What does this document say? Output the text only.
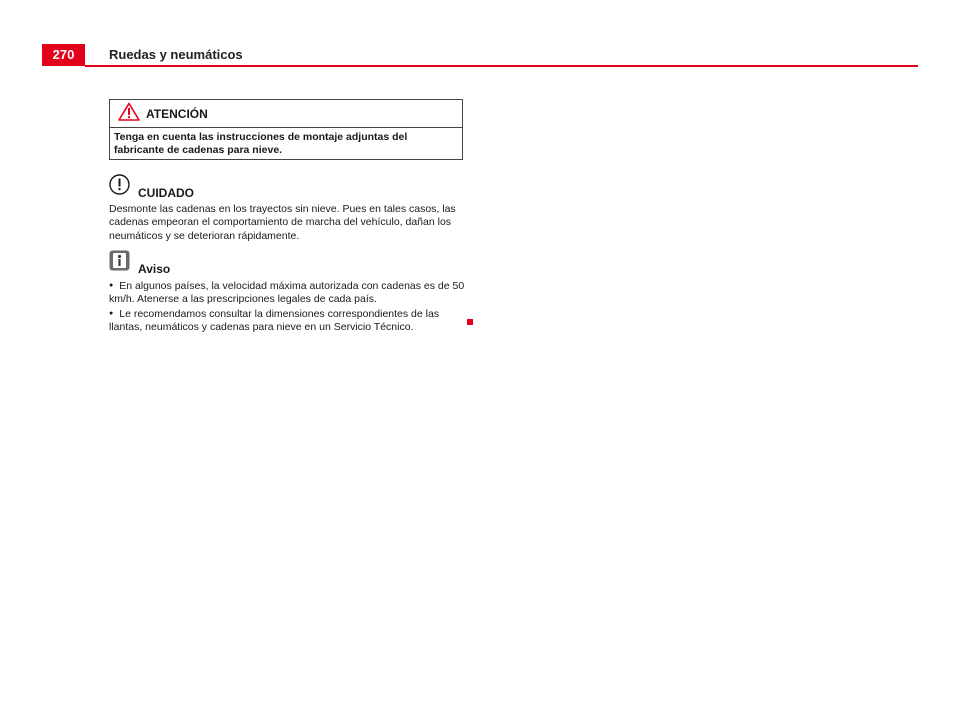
270	Ruedas y neumáticos
ATENCIÓN
Tenga en cuenta las instrucciones de montaje adjuntas del fabricante de cadenas para nieve.
CUIDADO

Desmonte las cadenas en los trayectos sin nieve. Pues en tales casos, las cadenas empeoran el comportamiento de marcha del vehículo, dañan los neumáticos y se deterioran rápidamente.

Aviso

● En algunos países, la velocidad máxima autorizada con cadenas es de 50 km/h. Atenerse a las prescripciones legales de cada país.

● Le recomendamos consultar la dimensiones correspondientes de las llantas, neumáticos y cadenas para nieve en un Servicio Técnico.
